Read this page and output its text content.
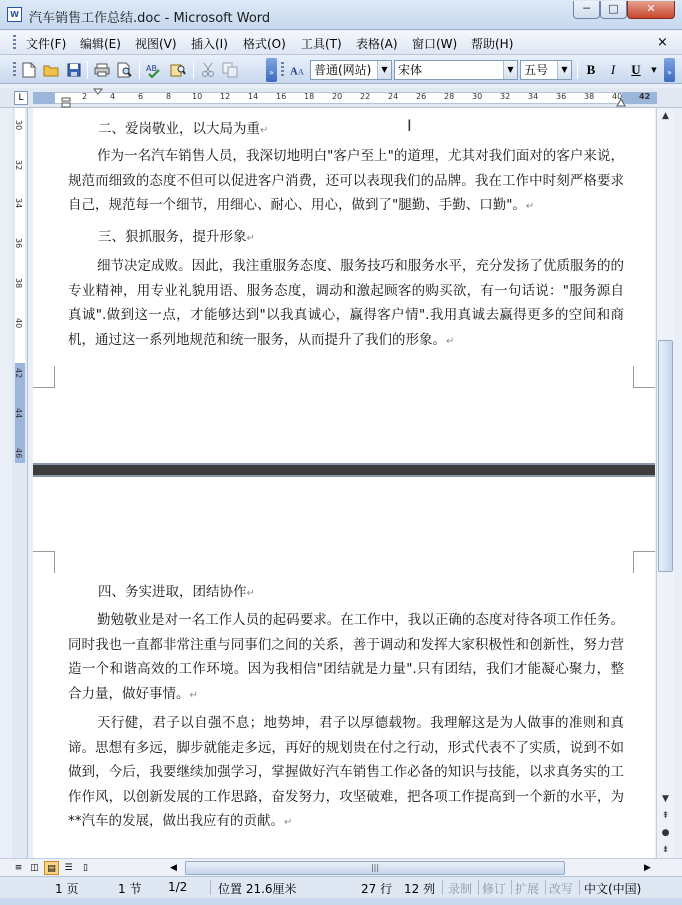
W 汽车销售工作总结.doc - Microsoft Word
─	□	✕
文件(F) 编辑(E) 视图(V) 插入(I) 格式(O) 工具(T) 表格(A) 窗口(W) 帮助(H)	×
AB	» A A 普通(网站)	▼ 宋体	▼ 五号	▼	B	I	U	▼	»
L	2	4	6	8	10 12 14 16 18 20 22 24 26 28 30 32 34 36 38 40 42
30
32
34
36
38
40
42
44
46
二、爱岗敬业，以大局为重↵
作为一名汽车销售人员，我深切地明白"客户至上"的道理，尤其对我们面对的客户来说，规范而细致的态度不但可以促进客户消费，还可以表现我们的品牌。我在工作中时刻严格要求自己，规范每一个细节，用细心、耐心、用心，做到了"腿勤、手勤、口勤"。↵
三、狠抓服务，提升形象↵
细节决定成败。因此，我注重服务态度、服务技巧和服务水平，充分发扬了优质服务的的专业精神，用专业礼貌用语、服务态度，调动和激起顾客的购买欲，有一句话说："服务源自真诚".做到这一点，才能够达到"以我真诚心，赢得客户情".我用真诚去赢得更多的空间和商机，通过这一系列地规范和统一服务，从而提升了我们的形象。↵
四、务实进取，团结协作↵
勤勉敬业是对一名工作人员的起码要求。在工作中，我以正确的态度对待各项工作任务。同时我也一直都非常注重与同事们之间的关系，善于调动和发挥大家积极性和创新性，努力营造一个和谐高效的工作环境。因为我相信"团结就是力量".只有团结，我们才能凝心聚力，整合力量，做好事情。↵
天行健，君子以自强不息；地势坤，君子以厚德载物。我理解这是为人做事的准则和真谛。思想有多远，脚步就能走多远，再好的规划贵在付之行动，形式代表不了实质，说到不如做到，今后，我要继续加强学习，掌握做好汽车销售工作必备的知识与技能，以求真务实的工作作风，以创新发展的工作思路，奋发努力，攻坚破难，把各项工作提高到一个新的水平，为**汽车的发展，做出我应有的贡献。↵
Ι	▲
▼
⇞
●
⇟
≡ ◫ ▤ ☰	▯	◀	|||	▶
1 页	1 节 1/2	位置 21.6厘米	27 行 12 列 录制 修订 扩展 改写 中文(中国)
